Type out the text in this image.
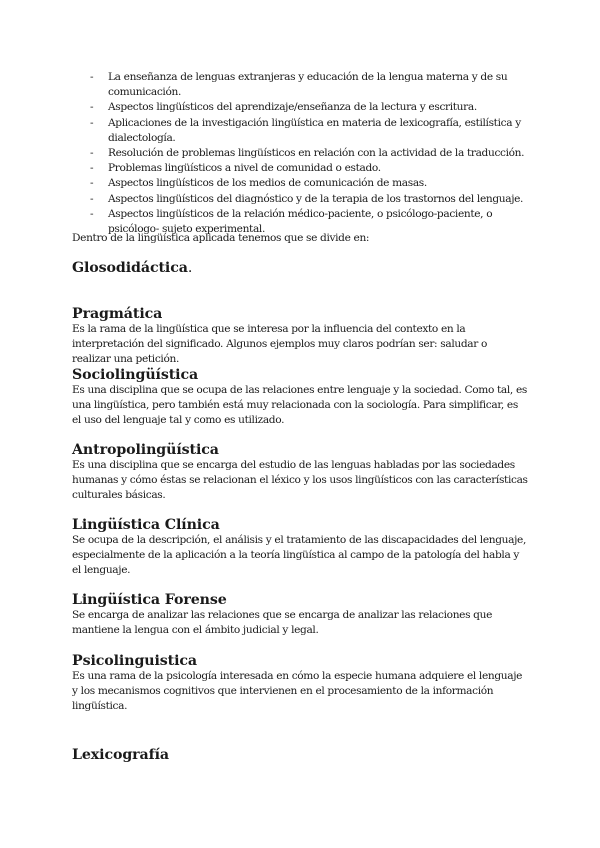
- La enseñanza de lenguas extranjeras y educación de la lengua materna y de su comunicación.
- Aspectos lingüísticos del aprendizaje/enseñanza de la lectura y escritura.
- Aplicaciones de la investigación lingüística en materia de lexicografía, estilística y dialectología.
- Resolución de problemas lingüísticos en relación con la actividad de la traducción.
- Problemas lingüísticos a nivel de comunidad o estado.
- Aspectos lingüísticos de los medios de comunicación de masas.
- Aspectos lingüísticos del diagnóstico y de la terapia de los trastornos del lenguaje.
- Aspectos lingüísticos de la relación médico-paciente, o psicólogo-paciente, o psicólogo- sujeto experimental.

Dentro de la lingüística aplicada tenemos que se divide en:

Glosodidáctica.
Pragmática

Es la rama de la lingüística que se interesa por la influencia del contexto en la interpretación del significado. Algunos ejemplos muy claros podrían ser: saludar o realizar una petición.

Sociolingüística

Es una disciplina que se ocupa de las relaciones entre lenguaje y la sociedad. Como tal, es una lingüística, pero también está muy relacionada con la sociología. Para simplificar, es el uso del lenguaje tal y como es utilizado.

Antropolingüística

Es una disciplina que se encarga del estudio de las lenguas habladas por las sociedades humanas y cómo éstas se relacionan el léxico y los usos lingüísticos con las características culturales básicas.

Lingüística Clínica

Se ocupa de la descripción, el análisis y el tratamiento de las discapacidades del lenguaje, especialmente de la aplicación a la teoría lingüística al campo de la patología del habla y el lenguaje.

Lingüística Forense

Se encarga de analizar las relaciones que se encarga de analizar las relaciones que mantiene la lengua con el ámbito judicial y legal.

Psicolinguistica

Es una rama de la psicología interesada en cómo la especie humana adquiere el lenguaje y los mecanismos cognitivos que intervienen en el procesamiento de la información lingüística.

Lexicografía
